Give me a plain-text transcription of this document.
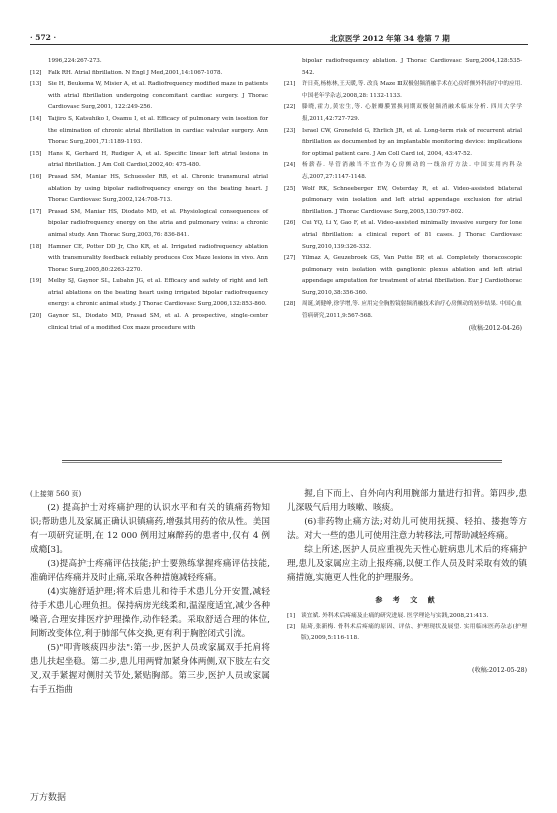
· 572 ·	北京医学 2012 年第 34 卷第 7 期
1996,224:267-273.
[12]	Falk RH. Atrial fibrillation. N Engl J Med,2001,14:1067-1078.
[13]	Sie H, Beukema W, Misier A, et al. Radiofrequency modified maze in patients with atrial fibrillation undergoing concomitant cardiac surgery. J Thorac Cardiovasc Surg,2001, 122:249-256.
[14]	Taijiro S, Katsuhiko I, Osamu I, et al. Efficacy of pulmonary vein isostion for the elimination of chronic atrial fibrillation in cardiac valvular surgery. Ann Thorac Surg,2001,71:1189-1193.
[15]	Hans K, Gerhard H, Rudiger A, et al. Specific linear left atrial lesions in atrial fibrillation. J Am Coll Cardiol,2002,40: 475-480.
[16]	Prasad SM, Maniar HS, Schuessler RB, et al. Chronic transmural atrial ablation by using bipolar radiofrequency energy on the beating heart. J Thorac Cardiovasc Surg,2002,124:708-713.
[17]	Prasad SM, Maniar HS, Diodato MD, et al. Physiological consequences of bipolar radiofrequency energy on the atria and pulmonary veins: a chronic animal study. Ann Thorac Surg,2003,76: 836-841.
[18]	Hamner CE, Potter DD Jr, Cho KR, et al. Irrigated radiofrequency ablation with transmurality feedback reliably produces Cox Maze lesions in vivo. Ann Thorac Surg,2005,80:2263-2270.
[19]	Melby SJ, Gaynor SL, Lubahn JG, et al. Efficacy and safety of right and left atrial ablations on the beating heart using irrigated bipolar radiofrequency energy: a chronic animal study. J Thorac Cardiovasc Surg,2006,132:853-860.
[20]	Gaynor SL, Diodato MD, Prasad SM, et al. A prospective, single-center clinical trial of a modified Cox maze procedure with
bipolar radiofrequency ablation. J Thorac Cardiovasc Surg,2004,128:535-542.
[21]	许日英,杨栋林,王天暖,等. 改良 Maze Ⅲ双极射频消融手术在心房纤颤外科治疗中的应用. 中国老年学杂志,2008,28: 1132-1133.
[22]	滕晓,霍力,黄宏生,等. 心脏瓣膜置换同期双极射频消融术临床分析. 四川大学学报,2011,42:727-729.
[23]	Israel CW, Gronefeld G, Ehrlich JR, et al. Long-term risk of recurrent atrial fibrillation as documented by an implantable monitoring device: implications for optimal patient care. J Am Coll Card iol, 2004, 43:47-52.
[24]	杨薪春. 导管消融当不宜作为心房颤动的一线治疗方法. 中国实用内科杂志,2007,27:1147-1148.
[25]	Wolf RK, Schneeberger EW, Osterday R, et al. Video-assisted bilateral pulmonary vein isolation and left atrial appendage exclusion for atrial fibrillation. J Thorac Cardiovasc Surg,2005,130:797-802.
[26]	Cui YQ, Li Y, Gao F, et al. Video-assisted minimally invasive surgery for lone atrial fibrillation: a clinical report of 81 cases. J Thorac Cardiovasc Surg,2010,139:326-332.
[27]	Yilmaz A, Geuzebroek GS, Van Putte BP, et al. Completely thoracoscopic pulmonary vein isolation with ganglionic plexus ablation and left atrial appendage amputation for treatment of atrial fibrillation. Eur J Cardiothorac Surg,2010,38:356-360.
[28]	周诞,刘健峥,徐学增,等. 应用完全胸腔镜射频消融技术治疗心房颤动的初步结果. 中国心血管病研究,2011,9:567-568.
(收稿:2012-04-26)

(上接第 560 页)

(2) 提高护士对疼痛护理的认识水平和有关的镇痛药物知识;帮助患儿及家属正确认识镇痛药,增强其用药的依从性。美国有一项研究证明,在 12 000 例用过麻醉药的患者中,仅有 4 例成瘾[3]。

(3)提高护士疼痛评估技能;护士要熟练掌握疼痛评估技能,准确评估疼痛并及时止痛,采取各种措施减轻疼痛。

(4)实施舒适护理;将术后患儿和待手术患儿分开安置,减轻待手术患儿心理负担。保持病房光线柔和,温湿度适宜,减少各种噪音,合理安排医疗护理操作,动作轻柔。采取舒适合理的体位,间断改变体位,利于肺部气体交换,更有利于胸腔闭式引流。

(5)"叩背咳痰四步法":第一步,医护人员或家属双手托肩将患儿扶起坐稳。第二步,患儿用两臂加紧身体两侧,双下肢左右交叉,双手紧握对侧肘关节处,紧贴胸部。第三步,医护人员或家属右手五指曲

握,自下而上、自外向内利用腕部力量进行扣背。第四步,患儿深吸气后用力咳嗽、咳痰。

(6)非药物止痛方法;对幼儿可使用抚摸、轻拍、搂抱等方法。对大一些的患儿可使用注意力转移法,可帮助减轻疼痛。

综上所述,医护人员应重视先天性心脏病患儿术后的疼痛护理,患儿及家属应主动上报疼痛,以便工作人员及时采取有效的镇痛措施,实施更人性化的护理服务。

参 考 文 献
[1] 谈宜斌. 外科术后疼痛及止痛的研究进展. 医学理论与实践,2008,21:413.
[2] 陆琦,张新梅. 骨科术后疼痛的原因、评估、护理现状及展望. 实用临床医药杂志(护理版),2009,5:116-118.
(收稿:2012-05-28)
万方数据
